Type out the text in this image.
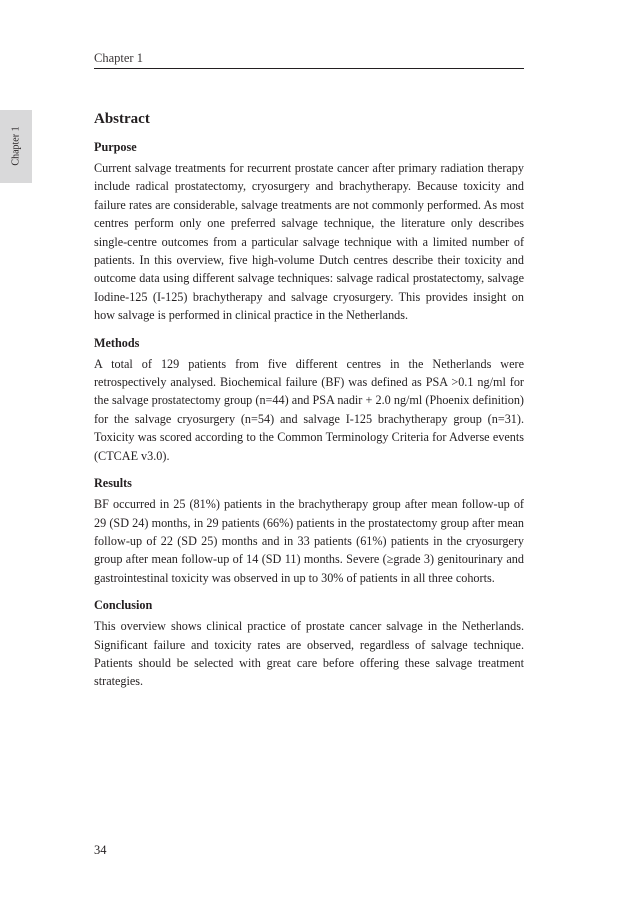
Chapter 1
Chapter 1
Abstract
Purpose
Current salvage treatments for recurrent prostate cancer after primary radiation therapy include radical prostatectomy, cryosurgery and brachytherapy. Because toxicity and failure rates are considerable, salvage treatments are not commonly performed. As most centres perform only one preferred salvage technique, the literature only describes single-centre outcomes from a particular salvage technique with a limited number of patients. In this overview, five high-volume Dutch centres describe their toxicity and outcome data using different salvage techniques: salvage radical prostatectomy, salvage Iodine-125 (I-125) brachytherapy and salvage cryosurgery. This provides insight on how salvage is performed in clinical practice in the Netherlands.
Methods
A total of 129 patients from five different centres in the Netherlands were retrospectively analysed. Biochemical failure (BF) was defined as PSA >0.1 ng/ml for the salvage prostatectomy group (n=44) and PSA nadir + 2.0 ng/ml (Phoenix definition) for the salvage cryosurgery (n=54) and salvage I-125 brachytherapy group (n=31). Toxicity was scored according to the Common Terminology Criteria for Adverse events (CTCAE v3.0).
Results
BF occurred in 25 (81%) patients in the brachytherapy group after mean follow-up of 29 (SD 24) months, in 29 patients (66%) patients in the prostatectomy group after mean follow-up of 22 (SD 25) months and in 33 patients (61%) patients in the cryosurgery group after mean follow-up of 14 (SD 11) months. Severe (≥grade 3) genitourinary and gastrointestinal toxicity was observed in up to 30% of patients in all three cohorts.
Conclusion
This overview shows clinical practice of prostate cancer salvage in the Netherlands. Significant failure and toxicity rates are observed, regardless of salvage technique. Patients should be selected with great care before offering these salvage treatment strategies.
34
